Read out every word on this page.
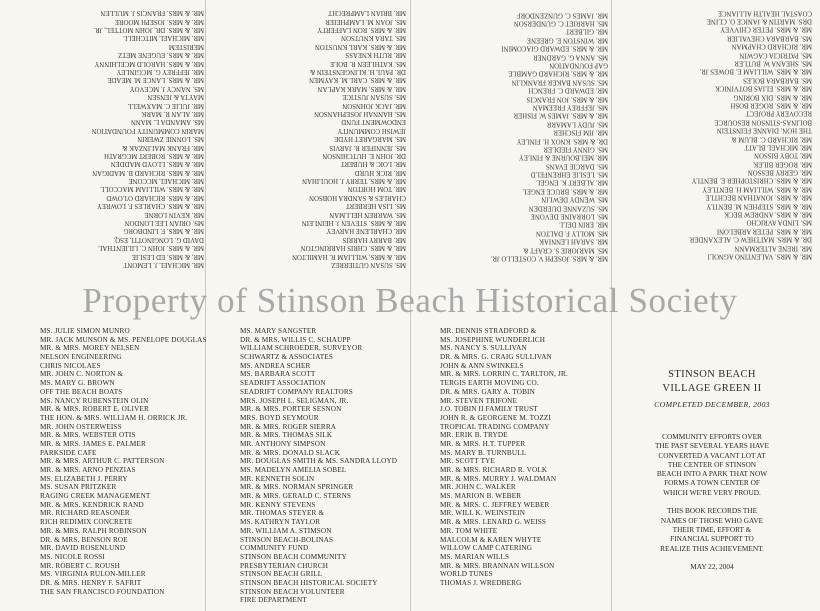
MR. MICHAEL J. LEMONT
MR. & MRS. ED LESLIE
MR. & MRS. JOHN C. LILIENTHAL
DAVID G. LONGINOTTI, ESQ.
MR. & MRS. F. LINDBORG
MS. ORIAN LEE LONDON
MR. KEVIN LORNE
MR. & MRS. CHARLES F. LOWREY
MR. & MRS. RICHARD O'LOWD
MR. & MRS. WILLIAM MACCOLL
MR. MICHAEL MCCONE
MR. & MRS. RICHARD B. MADIGAN
MR. & MRS. LLOYD MADDEN
MR. & MRS. ROBERT MCGRATH
MR. FRANK MALINZAK &
MS. LONNIE ZWERIN
MARIN COMMUNITY FOUNDATION
MS. AMANDA L. MANN
MR. ALAN R. MARK
MR. JULIE C. MAXWELL
MAYTA & JENSEN
MS. NANCY J. MCEVOY
MR. & MRS. LANCE M. MEADE
MR. JEFFREY G. MCGINLEY
MR. & MRS. HAROLD MCELHINNY
MR. & MRS. EUGENE METZ
MERISTEM
MR. MICHAEL MITCHELL
MR. & MRS. DR. JOHN MOTTEL, JR.
MR. & MRS. JOSEPH MOORE
MR. & MRS. FRANCIS J. MULLEN
MS. SUSAN GUTIERREZ
MR. & MRS. WILLIAM R. HAMILTON
MR. & MRS. CHRIS HARRINGTON
MR. BARRY HARRIS
MR. CHARLENE HARVEY
MR. & MRS. STEVEN J. HEINLEIN
MS. WARREN HELLMAN
MS. LISA HERBERT
CHARLES & SANDRA HOBSON
MR. TOM HORTON
MR. & MRS. TERRY J. HOULIHAN
MR. RICK HURD
MR. LOIC & HUBERT
DR. JOHN E. HUTCHINSON
MS. JENNIFER R. JARVIS
MS. MARGARET HYDE
JEWISH COMMUNITY
ENDOWMENT FUND
MS. HANNAH JOSEPHANSON
MR. JACK JOHNSON
MS. SUSAN JUSTICE
MR. & MRS. MARK KAPLAN
MR. & MRS. CARL M. KAYMEN
DR. PAUL H. KLINGENSTEIN &
MS. KATHLEEN R. BOLE
MR. RUTH KNEASS
MR. & MRS. KARL KNUSTON
MS. TARA KNUTSON
MR. & MRS. RON LAFFERTY
MS. JOAN M. LAMPHEIER
MR. BRIAN LAMPRECHT
MR. & MRS. JOSEPH V. COSTELLO JR.
MS. MARJORIE S. CRAFT &
MR. SARAH LENNIAK
MS. MOLLY F. DALTON
MR. ERIN DELL
MS. LORRAINE DEVONE
MS. SUZANNE DUERDEN
MS. WENDY DEWLIN
MR. & MRS. BRUCE ENGEL
MR. ALBERT K. ENGEL
MS. LESLIE EHRENFELD
MS. DARCIE EVANS
MR. MELBOURNE & FINLEY
MS. GINNY FIEDLER
DR. & MRS. KNOX H. FINLEY
MR. JIM FISCHER
MS. JUDY LAMARR
MR. & MRS. JAMES W. FISHER
MS. JEFFREY FREEMAN
MR. & MRS. JON FRANCIS
MR. EDWARD C. FRENCH
MS. SUSAN BAKER FRANKLIN
MR. & MRS. RICHARD GAMBLE
GAP FOUNDATION
MS. ANNA G. GARDNER
MR. & MRS. EDWARD GIACOMINI
MR. WINSTON E. GREENE
MR. GILBERT
MS. HARRIET C. GUNDERSON
MR. JAMES C. GUNZENDORF
MR. & MRS. VALENTINO AGNOLI
MR. IRENE ALTERMANN
DR. & MRS. MATTHEW C. ALEXANDER
MR. & MRS. PETER ARBELONI
MS. LINDA AVRICHO
MR. & MRS. ANDREW BECK
MR. & MRS. STEPHEN M. BENTLY
MR. & MRS. JONATHAN BECHTLE
MR. & MRS. WILLIAM H. BENTLEY
MR. & MRS. CHRISTOPHER E. BENTLY
MR. GERRY BESSON
MR. ROGER BILEK
MR. TOBY BISSON
MR. MICHAEL BLATT
MR. RICHARD C. BLUM &
THE HON. DIANNE FEINSTEIN
BOLINAS-STINSON RESOURCE
RECOVERY PROJECT
MR. & MRS. ROGER BOSH
MR. & MRS. DIX BORING
MR. & MRS. ELIAS BOTVINICK
MS. BARBARA BOLES
MR. & MRS. WILLIAM E. BOWES JR.
MS. SHEANA W. BUTLER
MS. PATRICIA CAGWIN
MR. RICHARD CHAPMAN
MS. BARBARA CHEVALIER
MR. & MRS. PETER CHIVVEY
DRS. MARTIN & JANICE O. CLINE
COASTAL HEALTH ALLIANCE
Property of Stinson Beach Historical Society
MS. JULIE SIMON MUNRO
MR. JACK MUNSON & MS. PENELOPE DOUGLAS
MR. & MRS. MOREY NELSEN
NELSON ENGINEERING
CHRIS NICOLAES
MR. JOHN C. NORTON &
MS. MARY G. BROWN
OFF THE BEACH BOATS
MS. NANCY RUBENSTEIN OLIN
MR. & MRS. ROBERT E. OLIVER
THE HON. & MRS. WILLIAM H. ORRICK JR.
MR. JOHN OSTERWEISS
MR. & MRS. WEBSTER OTIS
MR. & MRS. JAMES E. PALMER
PARKSIDE CAFE
MR. & MRS. ARTHUR C. PATTERSON
MR. & MRS. ARNO PENZIAS
MS. ELIZABETH J. PERRY
MS. SUSAN PRITZKER
RAGING CREEK MANAGEMENT
MR. & MRS. KENDRICK RAND
MR. RICHARD REASONER
RICH REDIMIX CONCRETE
MR. & MRS. RALPH ROBINSON
DR. & MRS. BENSON ROE
MR. DAVID ROSENLUND
MS. NICOLE ROSSI
MR. ROBERT C. ROUSH
MS. VIRGINIA RULON-MILLER
DR. & MRS. HENRY F. SAFRIT
THE SAN FRANCISCO FOUNDATION
MS. MARY SANGSTER
DR. & MRS. WILLIS C. SCHAUPP
WILLIAM SCHROEDER, SURVEYOR
SCHWARTZ & ASSOCIATES
MS. ANDREA SCHER
MS. BARBARA SCOTT
SEADRIFT ASSOCIATION
SEADRIFT COMPANY REALTORS
MRS. JOSEPH L. SELIGMAN, JR.
MR. & MRS. PORTER SESNON
MRS. BOYD SEYMOUR
MR. & MRS. ROGER SIERRA
MR. & MRS. THOMAS SILK
MR. ANTHONY SIMPSON
MR. & MRS. DONALD SLACK
MR. DOUGLAS SMITH & MS. SANDRA LLOYD
MS. MADELYN AMELIA SOBEL
MR. KENNETH SOLIN
MR. & MRS. NORMAN SPRINGER
MR. & MRS. GERALD C. STERNS
MR. KENNY STEVENS
MR. THOMAS STEYER &
MS. KATHRYN TAYLOR
MR. WILLIAM A. STIMSON
STINSON BEACH-BOLINAS
COMMUNITY FUND
STINSON BEACH COMMUNITY
PRESBYTERIAN CHURCH
STINSON BEACH GRILL
STINSON BEACH HISTORICAL SOCIETY
STINSON BEACH VOLUNTEER
FIRE DEPARTMENT
MR. DENNIS STRADFORD &
MS. JOSEPHINE WUNDERLICH
MS. NANCY S. SULLIVAN
DR. & MRS. G. CRAIG SULLIVAN
JOHN & ANN SWINKELS
MR. & MRS. LORRIN C. TARLTON, JR.
TERGIS EARTH MOVING CO.
DR. & MRS. GARY A. TOBIN
MR. STEVEN TRIFONE
J.O. TOBIN II FAMILY TRUST
JOHN R. & GEORGENE M. TOZZI
TROPICAL TRADING COMPANY
MR. ERIK B. TRYDE
MR. & MRS. H.T. TUPPER
MS. MARY B. TURNBULL
MR. SCOTT TYE
MR. & MRS. RICHARD R. VOLK
MR. & MRS. MURRY J. WALDMAN
MR. JOHN C. WALKER
MS. MARION B. WEBER
MR. & MRS. C. JEFFREY WEBER
MR. WILL K. WEINSTEIN
MR. & MRS. LENARD G. WEISS
MR. TOM WHITE
MALCOLM & KAREN WHYTE
WILLOW CAMP CATERING
MS. MARIAN WILLS
MR. & MRS. BRANNAN WILLSON
WORLD TUNES
THOMAS J. WREDBERG
STINSON BEACH
VILLAGE GREEN II
COMPLETED DECEMBER, 2003
COMMUNITY EFFORTS OVER
THE PAST SEVERAL YEARS HAVE
CONVERTED A VACANT LOT AT
THE CENTER OF STINSON
BEACH INTO A PARK THAT NOW
FORMS A TOWN CENTER OF
WHICH WE'RE VERY PROUD.
THIS BOOK RECORDS THE
NAMES OF THOSE WHO GAVE
THEIR TIME, EFFORT &
FINANCIAL SUPPORT TO
REALIZE THIS ACHIEVEMENT.
MAY 22, 2004
